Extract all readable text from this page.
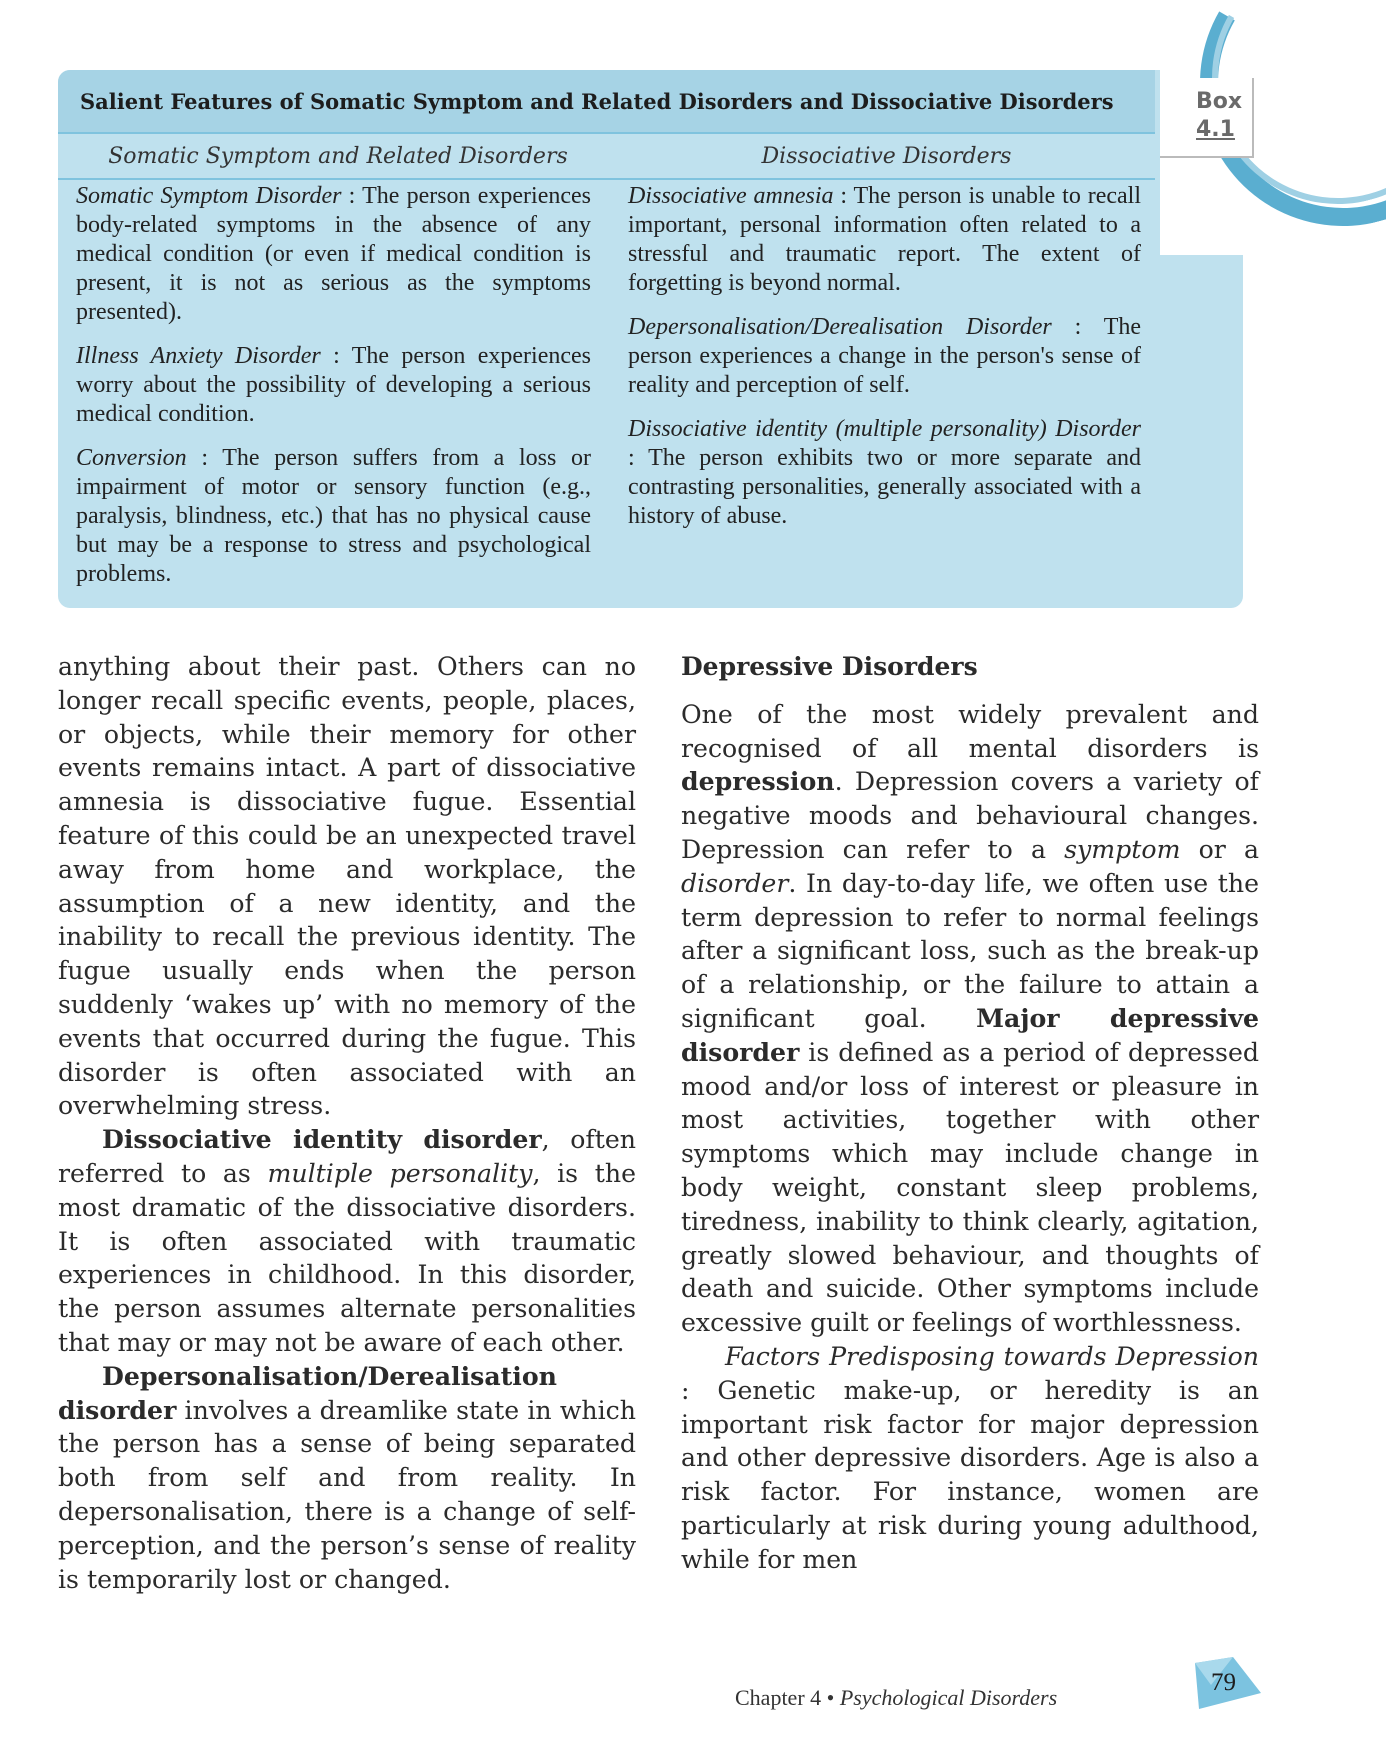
Salient Features of Somatic Symptom and Related Disorders and Dissociative Disorders
Somatic Symptom and Related Disorders	Dissociative Disorders

Somatic Symptom Disorder : The person experiences body-related symptoms in the absence of any medical condition (or even if medical condition is present, it is not as serious as the symptoms presented).

Illness Anxiety Disorder : The person experiences worry about the possibility of developing a serious medical condition.

Conversion : The person suffers from a loss or impairment of motor or sensory function (e.g., paralysis, blindness, etc.) that has no physical cause but may be a response to stress and psychological problems.

Dissociative amnesia : The person is unable to recall important, personal information often related to a stressful and traumatic report. The extent of forgetting is beyond normal.

Depersonalisation/Derealisation Disorder : The person experiences a change in the person's sense of reality and perception of self.

Dissociative identity (multiple personality) Disorder : The person exhibits two or more separate and contrasting personalities, generally associated with a history of abuse.

Box
4.1

anything about their past. Others can no longer recall specific events, people, places, or objects, while their memory for other events remains intact. A part of dissociative amnesia is dissociative fugue. Essential feature of this could be an unexpected travel away from home and workplace, the assumption of a new identity, and the inability to recall the previous identity. The fugue usually ends when the person suddenly ‘wakes up’ with no memory of the events that occurred during the fugue. This disorder is often associated with an overwhelming stress.

Dissociative identity disorder, often referred to as multiple personality, is the most dramatic of the dissociative disorders. It is often associated with traumatic experiences in childhood. In this disorder, the person assumes alternate personalities that may or may not be aware of each other.

Depersonalisation/Derealisation disorder involves a dreamlike state in which the person has a sense of being separated both from self and from reality. In depersonalisation, there is a change of self-perception, and the person’s sense of reality is temporarily lost or changed.

Depressive Disorders

One of the most widely prevalent and recognised of all mental disorders is depression. Depression covers a variety of negative moods and behavioural changes. Depression can refer to a symptom or a disorder. In day-to-day life, we often use the term depression to refer to normal feelings after a significant loss, such as the break-up of a relationship, or the failure to attain a significant goal. Major depressive disorder is defined as a period of depressed mood and/or loss of interest or pleasure in most activities, together with other symptoms which may include change in body weight, constant sleep problems, tiredness, inability to think clearly, agitation, greatly slowed behaviour, and thoughts of death and suicide. Other symptoms include excessive guilt or feelings of worthlessness.

Factors Predisposing towards Depression : Genetic make-up, or heredity is an important risk factor for major depression and other depressive disorders. Age is also a risk factor. For instance, women are particularly at risk during young adulthood, while for men

Chapter 4 • Psychological Disorders
79
